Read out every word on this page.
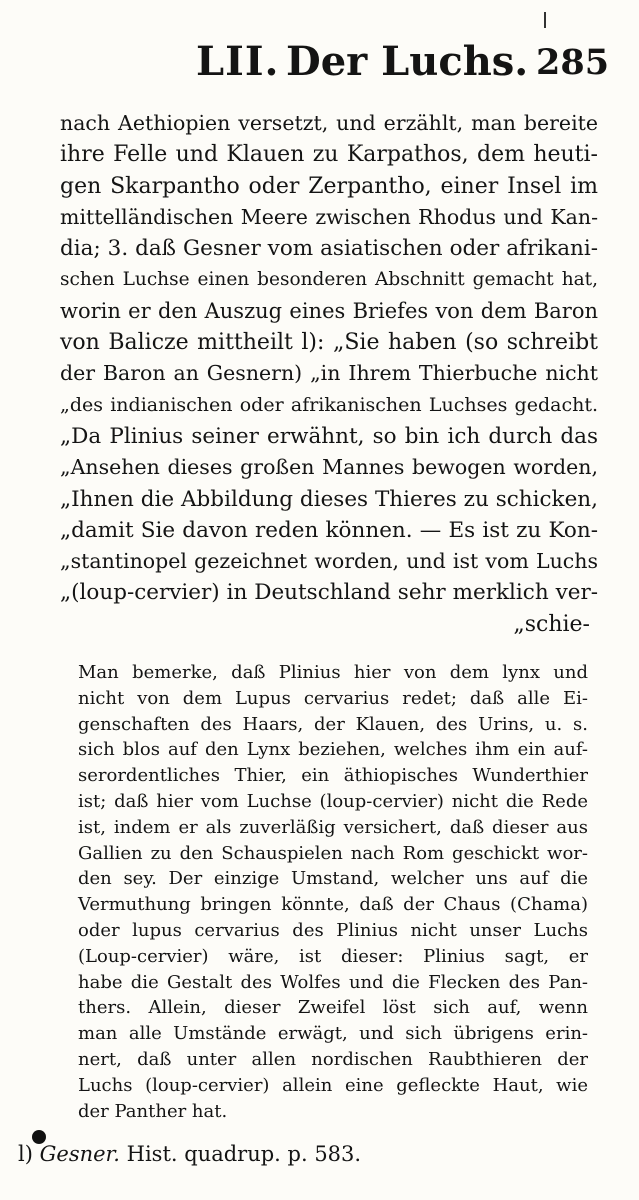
LII. Der Luchs. 285
nach Aethiopien versetzt, und erzählt, man bereite
ihre Felle und Klauen zu Karpathos, dem heuti-
gen Skarpantho oder Zerpantho, einer Insel im
mittelländischen Meere zwischen Rhodus und Kan-
dia; 3. daß Gesner vom asiatischen oder afrikani-
schen Luchse einen besonderen Abschnitt gemacht hat,
worin er den Auszug eines Briefes von dem Baron
von Balicze mittheilt l): „Sie haben (so schreibt
der Baron an Gesnern) „in Ihrem Thierbuche nicht
„des indianischen oder afrikanischen Luchses gedacht.
„Da Plinius seiner erwähnt, so bin ich durch das
„Ansehen dieses großen Mannes bewogen worden,
„Ihnen die Abbildung dieses Thieres zu schicken,
„damit Sie davon reden können. — Es ist zu Kon-
„stantinopel gezeichnet worden, und ist vom Luchs
„(loup-cervier) in Deutschland sehr merklich ver-
„schie-
Man bemerke, daß Plinius hier von dem lynx und
nicht von dem Lupus cervarius redet; daß alle Ei-
genschaften des Haars, der Klauen, des Urins, u. s.
sich blos auf den Lynx beziehen, welches ihm ein auf-
serordentliches Thier, ein äthiopisches Wunderthier
ist; daß hier vom Luchse (loup-cervier) nicht die Rede
ist, indem er als zuverläßig versichert, daß dieser aus
Gallien zu den Schauspielen nach Rom geschickt wor-
den sey. Der einzige Umstand, welcher uns auf die
Vermuthung bringen könnte, daß der Chaus (Chama)
oder lupus cervarius des Plinius nicht unser Luchs
(Loup-cervier) wäre, ist dieser: Plinius sagt, er
habe die Gestalt des Wolfes und die Flecken des Pan-
thers. Allein, dieser Zweifel löst sich auf, wenn
man alle Umstände erwägt, und sich übrigens erin-
nert, daß unter allen nordischen Raubthieren der
Luchs (loup-cervier) allein eine gefleckte Haut, wie
der Panther hat.
l) Gesner. Hist. quadrup. p. 583.
